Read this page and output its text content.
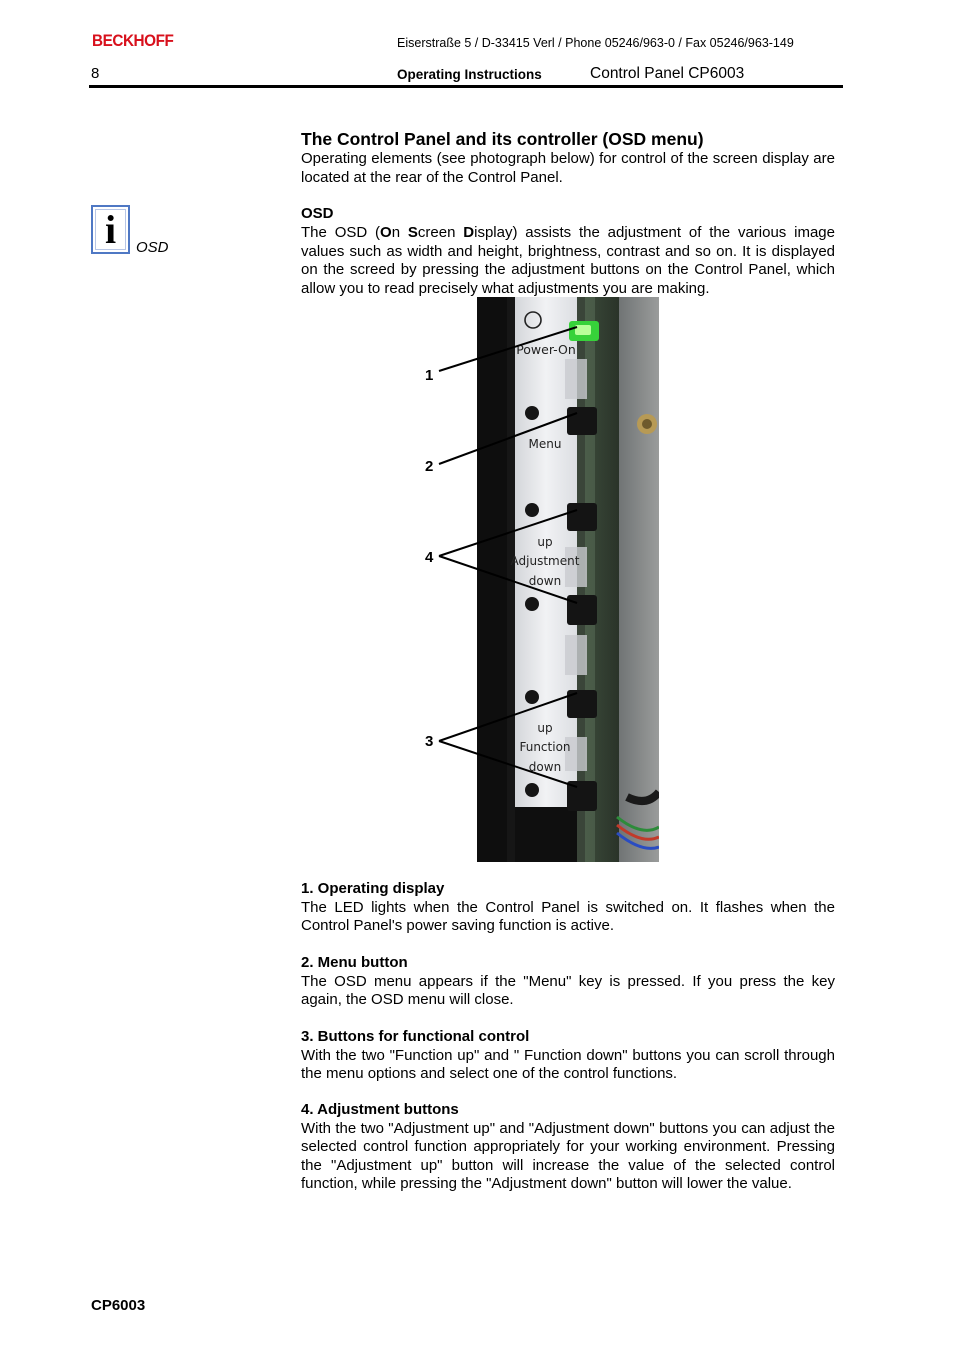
BECKHOFF	Eiserstraße 5 / D-33415 Verl / Phone 05246/963-0 / Fax 05246/963-149
8	Operating Instructions	Control Panel CP6003
i	OSD
The Control Panel and its controller (OSD menu)

Operating elements (see photograph below) for control of the screen display are located at the rear of the Control Panel.

OSD

The OSD (On Screen Display) assists the adjustment of the various image values such as width and height, brightness, contrast and so on. It is displayed on the screed by pressing the adjustment buttons on the Control Panel, which allow you to read precisely what adjustments you are making.

Power-On
Menu
up
Adjustment
down
up
Function
down
1
2
4
3
1. Operating display

The LED lights when the Control Panel is switched on. It flashes when the Control Panel's power saving function is active.

2. Menu button

The OSD menu appears if the "Menu" key is pressed. If you press the key again, the OSD menu will close.

3. Buttons for functional control

With the two "Function up" and " Function down" buttons you can scroll through the menu options and select one of the control functions.

4. Adjustment buttons

With the two "Adjustment up" and "Adjustment down" buttons you can adjust the selected control function appropriately for your working environment. Pressing the "Adjustment up" button will increase the value of the selected control function, while pressing the "Adjustment down" button will lower the value.

CP6003
